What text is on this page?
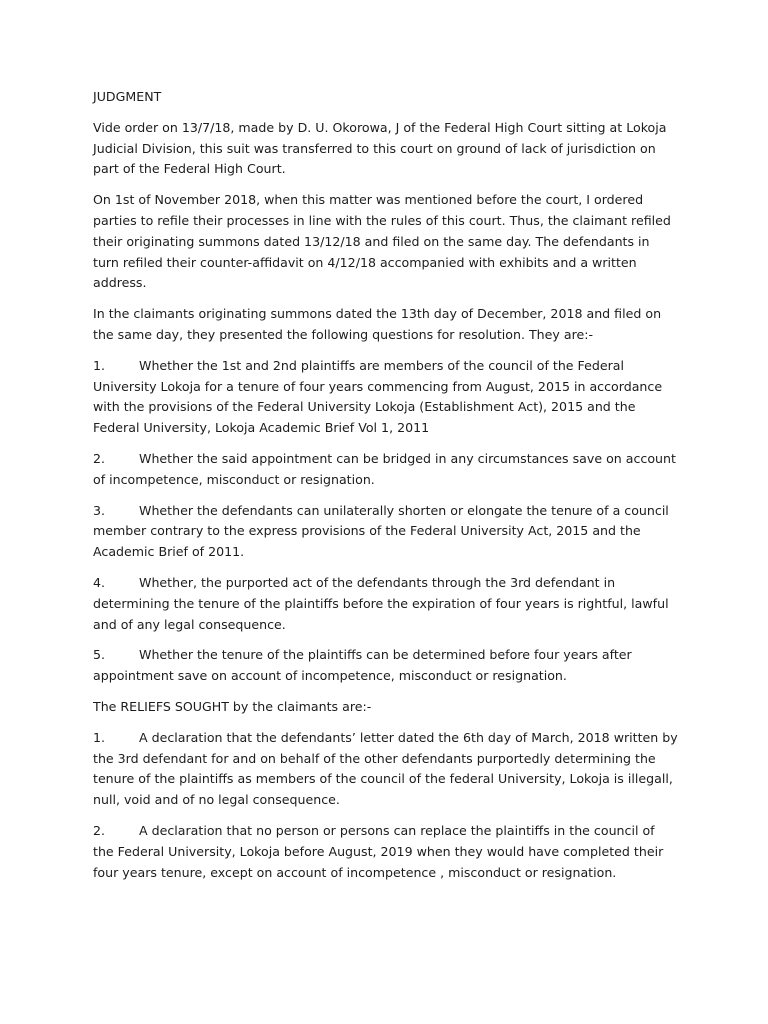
JUDGMENT

Vide order on 13/7/18, made by D. U. Okorowa, J of the Federal High Court sitting at Lokoja Judicial Division, this suit was transferred to this court on ground of lack of jurisdiction on part of the Federal High Court.

On 1st of November 2018, when this matter was mentioned before the court, I ordered parties to refile their processes in line with the rules of this court. Thus, the claimant refiled their originating summons dated 13/12/18 and filed on the same day. The defendants in turn refiled their counter-affidavit on 4/12/18 accompanied with exhibits and a written address.

In the claimants originating summons dated the 13th day of December, 2018 and filed on the same day, they presented the following questions for resolution. They are:-

1.	Whether the 1st and 2nd plaintiffs are members of the council of the Federal University Lokoja for a tenure of four years commencing from August, 2015 in accordance with the provisions of the Federal University Lokoja (Establishment Act), 2015 and the Federal University, Lokoja Academic Brief Vol 1, 2011

2.	Whether the said appointment can be bridged in any circumstances save on account of incompetence, misconduct or resignation.

3.	Whether the defendants can unilaterally shorten or elongate the tenure of a council member contrary to the express provisions of the Federal University Act, 2015 and the Academic Brief of 2011.

4.	Whether, the purported act of the defendants through the 3rd defendant in determining the tenure of the plaintiffs before the expiration of four years is rightful, lawful and of any legal consequence.

5.	Whether the tenure of the plaintiffs can be determined before four years after appointment save on account of incompetence, misconduct or resignation.

The RELIEFS SOUGHT by the claimants are:-

1.	A declaration that the defendants’ letter dated the 6th day of March, 2018 written by the 3rd defendant for and on behalf of the other defendants purportedly determining the tenure of the plaintiffs as members of the council of the federal University, Lokoja is illegall, null, void and of no legal consequence.

2.	A declaration that no person or persons can replace the plaintiffs in the council of the Federal University, Lokoja before August, 2019 when they would have completed their four years tenure, except on account of incompetence , misconduct or resignation.
